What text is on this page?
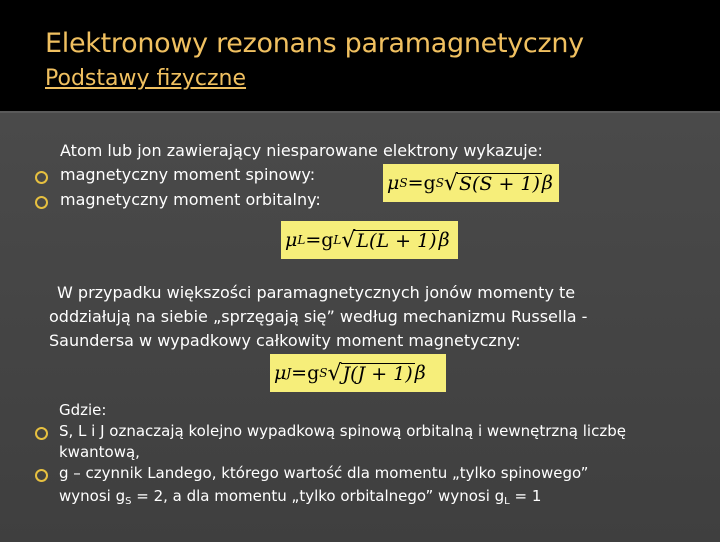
Elektronowy rezonans paramagnetyczny
Podstawy fizyczne
Atom lub jon zawierający niesparowane elektrony wykazuje:
magnetyczny moment spinowy:
magnetyczny moment orbitalny:
μ S =g S √ S(S + 1) β
μ L =g L √ L(L + 1) β
W przypadku większości paramagnetycznych jonów momenty te
oddziałują na siebie „sprzęgają się” według mechanizmu Russella -
Saundersa w wypadkowy całkowity moment magnetyczny:
μ J =g S √ J(J + 1) β
Gdzie:
S, L i J oznaczają kolejno wypadkową spinową orbitalną i wewnętrzną liczbę
kwantową,
g – czynnik Landego, którego wartość dla momentu „tylko spinowego”
wynosi $g_S = 2$, a dla momentu „tylko orbitalnego” wynosi $g_L = 1$
